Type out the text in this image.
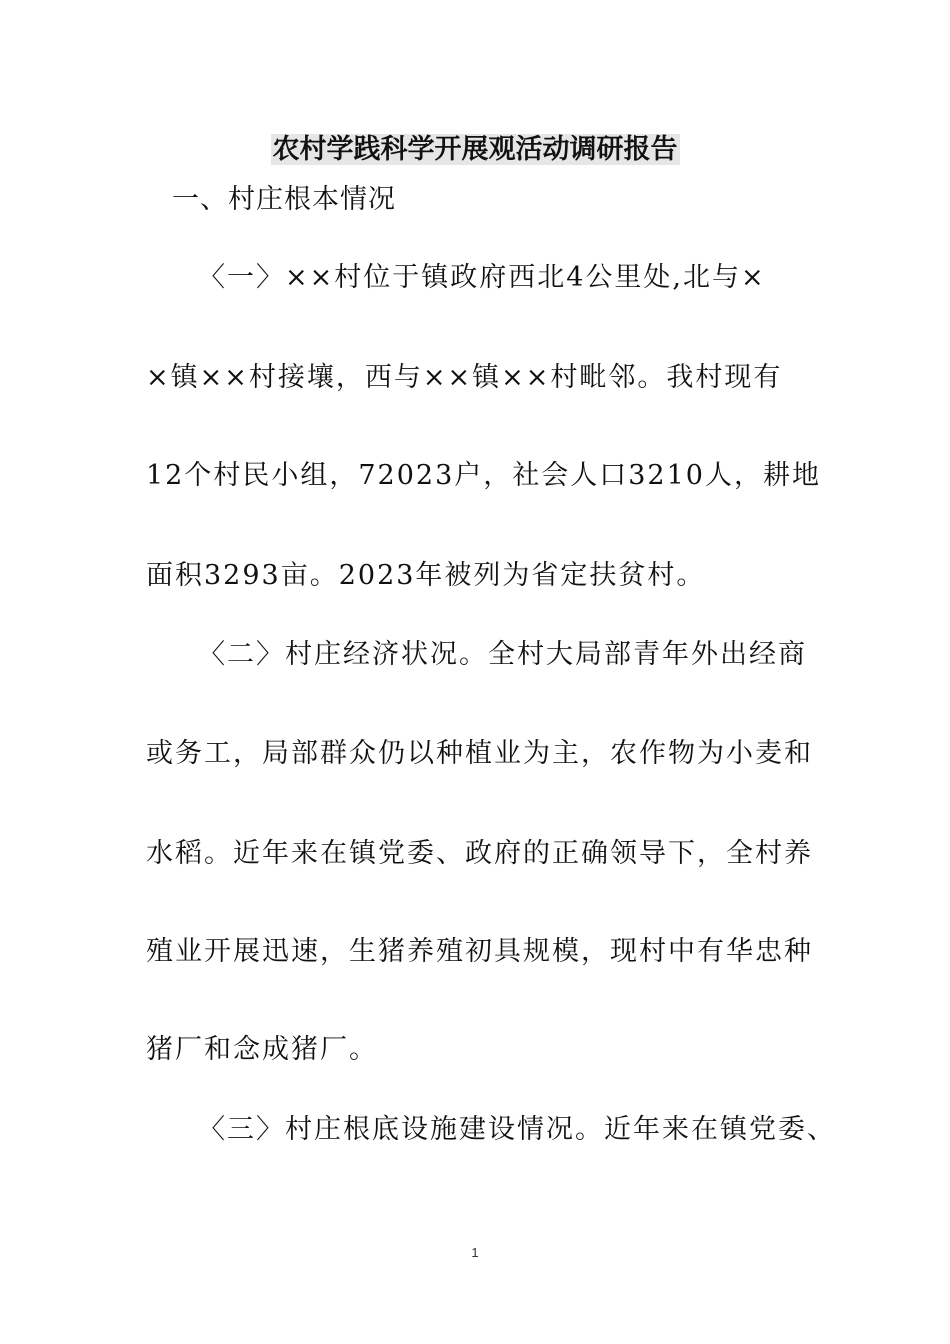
农村学践科学开展观活动调研报告
一、村庄根本情况
〈一〉××村位于镇政府西北4公里处,北与×
×镇××村接壤，西与××镇××村毗邻。我村现有
12个村民小组，72023户，社会人口3210人，耕地
面积3293亩。2023年被列为省定扶贫村。
〈二〉村庄经济状况。全村大局部青年外出经商
或务工，局部群众仍以种植业为主，农作物为小麦和
水稻。近年来在镇党委、政府的正确领导下，全村养
殖业开展迅速，生猪养殖初具规模，现村中有华忠种
猪厂和念成猪厂。
〈三〉村庄根底设施建设情况。近年来在镇党委、
1
